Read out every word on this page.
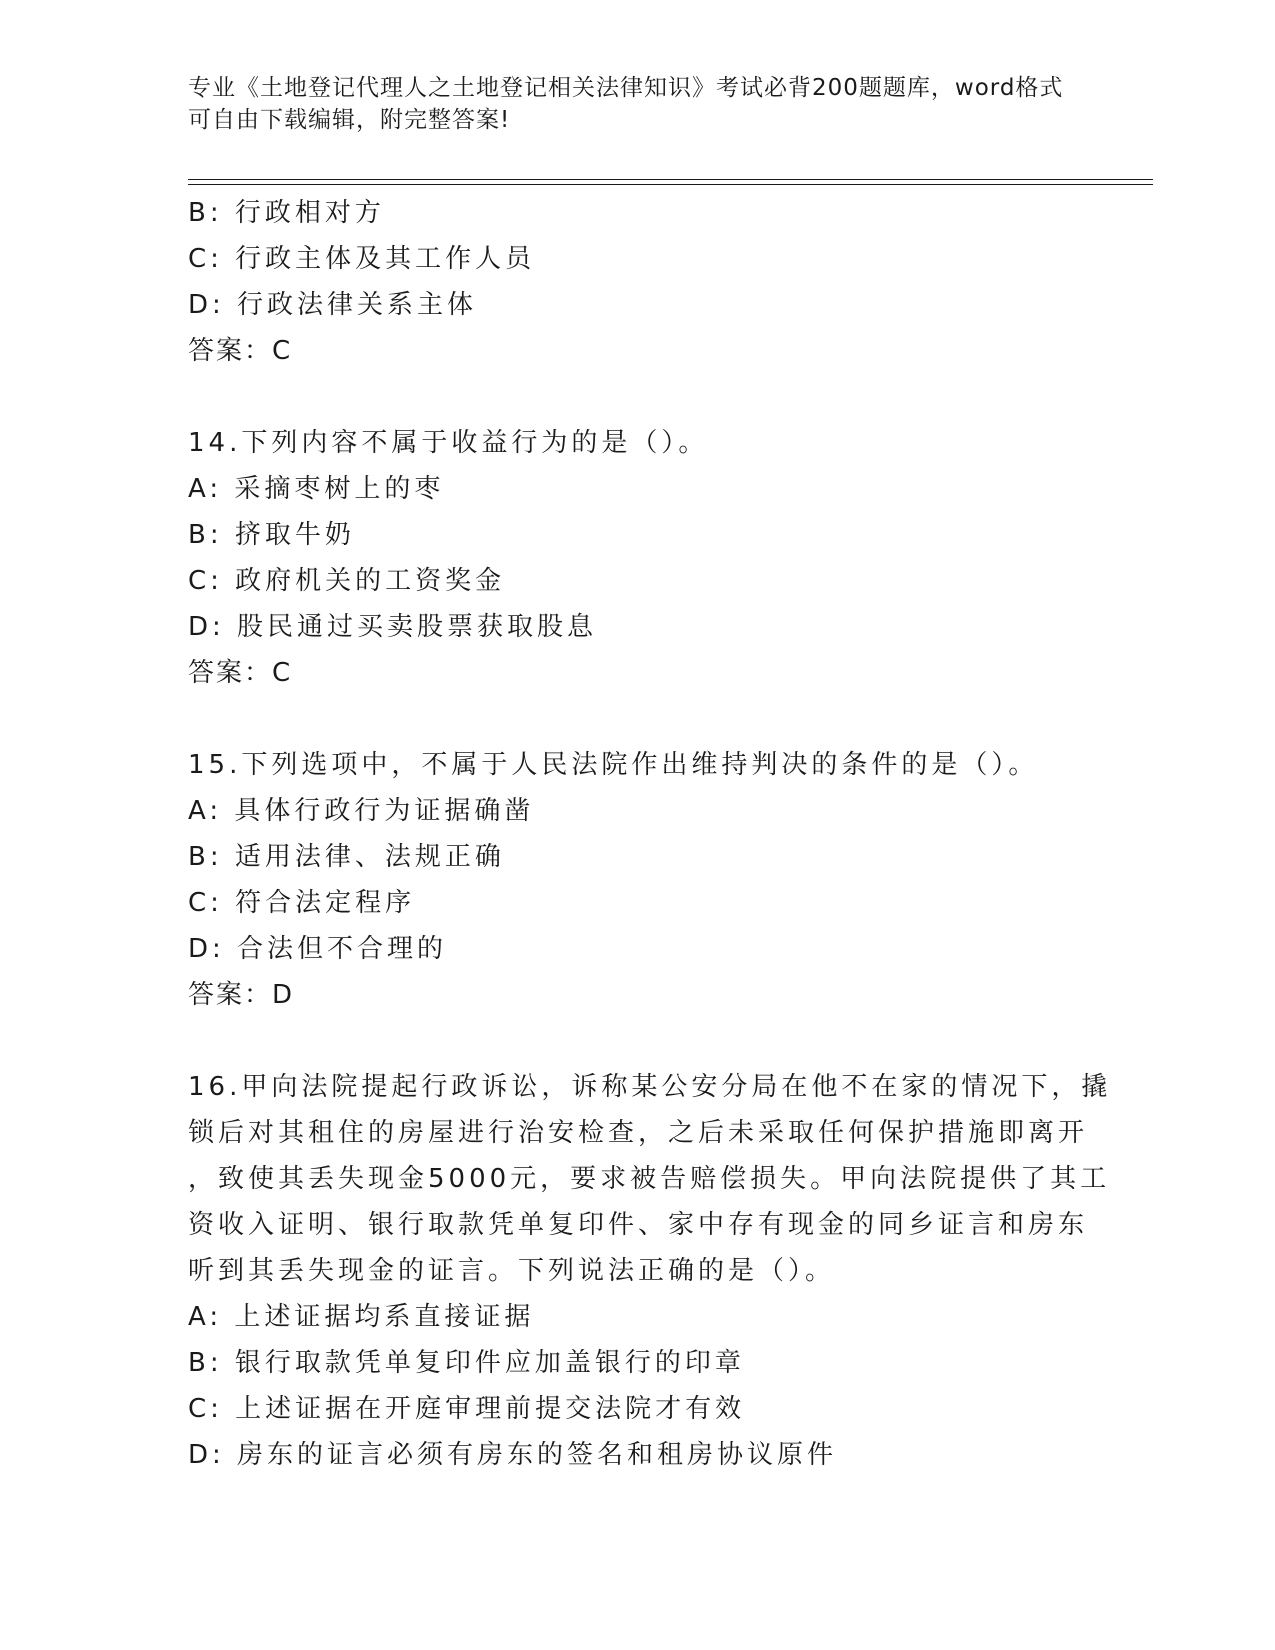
专业《土地登记代理人之土地登记相关法律知识》考试必背200题题库，word格式可自由下载编辑，附完整答案!
B: 行政相对方
C: 行政主体及其工作人员
D: 行政法律关系主体
答案：C
14.下列内容不属于收益行为的是（）。
A: 采摘枣树上的枣
B: 挤取牛奶
C: 政府机关的工资奖金
D: 股民通过买卖股票获取股息
答案：C
15.下列选项中，不属于人民法院作出维持判决的条件的是（）。
A: 具体行政行为证据确凿
B: 适用法律、法规正确
C: 符合法定程序
D: 合法但不合理的
答案：D
16.甲向法院提起行政诉讼，诉称某公安分局在他不在家的情况下，撬
锁后对其租住的房屋进行治安检查，之后未采取任何保护措施即离开
，致使其丢失现金5000元，要求被告赔偿损失。甲向法院提供了其工
资收入证明、银行取款凭单复印件、家中存有现金的同乡证言和房东
听到其丢失现金的证言。下列说法正确的是（）。
A: 上述证据均系直接证据
B: 银行取款凭单复印件应加盖银行的印章
C: 上述证据在开庭审理前提交法院才有效
D: 房东的证言必须有房东的签名和租房协议原件
